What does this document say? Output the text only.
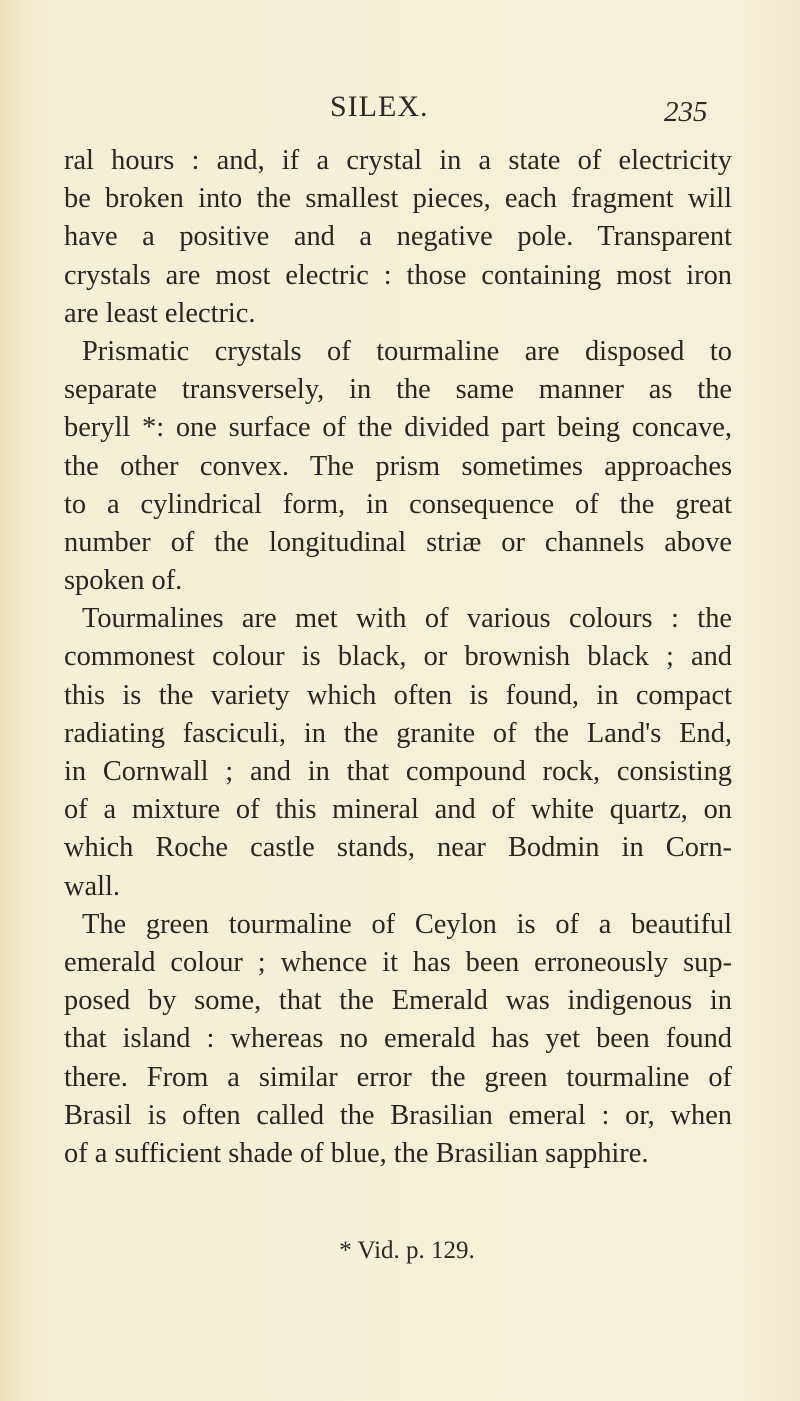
SILEX.	235
ral hours : and, if a crystal in a state of electricity
be broken into the smallest pieces, each fragment will
have a positive and a negative pole. Transparent
crystals are most electric : those containing most iron
are least electric.
Prismatic crystals of tourmaline are disposed to
separate transversely, in the same manner as the
beryll *: one surface of the divided part being concave,
the other convex. The prism sometimes approaches
to a cylindrical form, in consequence of the great
number of the longitudinal striæ or channels above
spoken of.
Tourmalines are met with of various colours : the
commonest colour is black, or brownish black ; and
this is the variety which often is found, in compact
radiating fasciculi, in the granite of the Land's End,
in Cornwall ; and in that compound rock, consisting
of a mixture of this mineral and of white quartz, on
which Roche castle stands, near Bodmin in Corn-
wall.
The green tourmaline of Ceylon is of a beautiful
emerald colour ; whence it has been erroneously sup-
posed by some, that the Emerald was indigenous in
that island : whereas no emerald has yet been found
there. From a similar error the green tourmaline of
Brasil is often called the Brasilian emeral : or, when
of a sufficient shade of blue, the Brasilian sapphire.
* Vid. p. 129.
